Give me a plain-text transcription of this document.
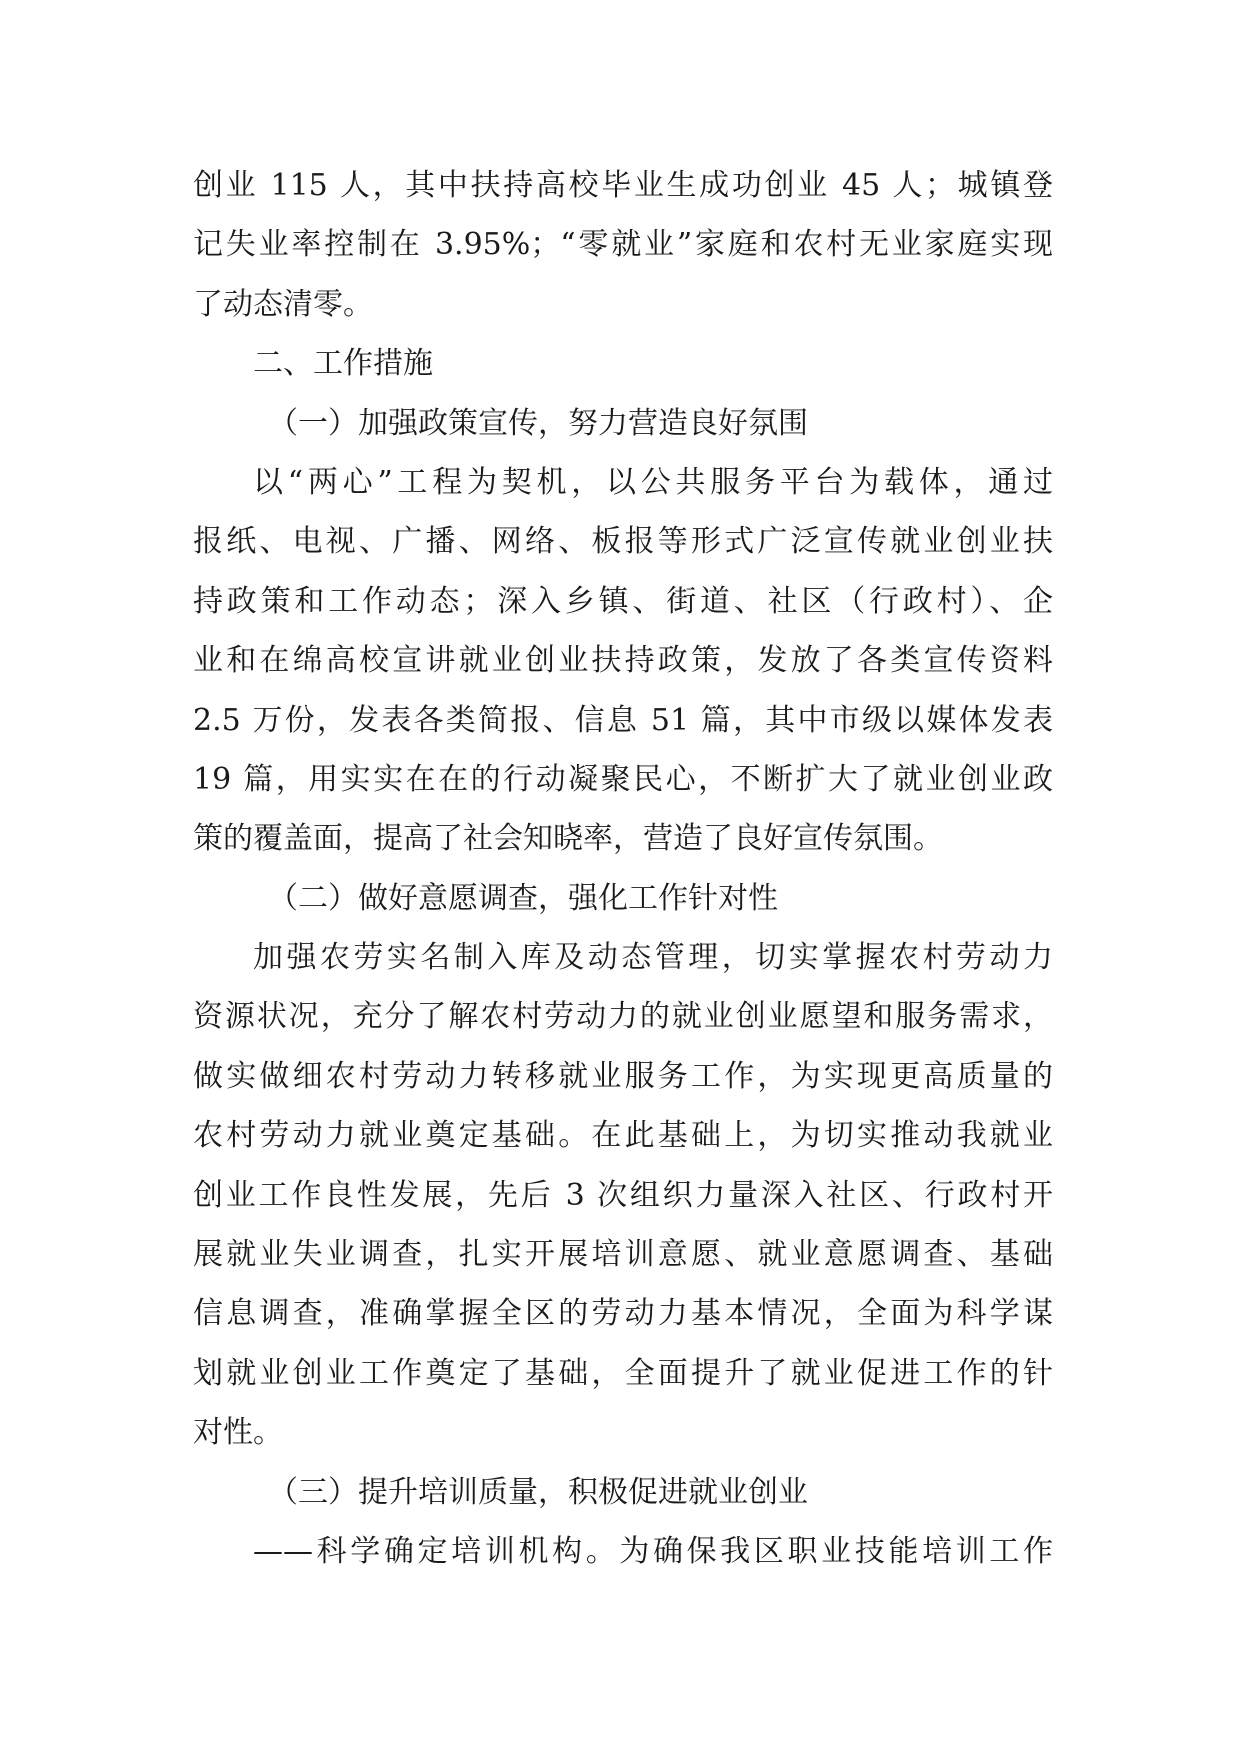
创业 115 人，其中扶持高校毕业生成功创业 45 人；城镇登
记失业率控制在 3.95%；“零就业”家庭和农村无业家庭实现
了动态清零。
二、工作措施
（一）加强政策宣传，努力营造良好氛围
以“两心”工程为契机，以公共服务平台为载体，通过
报纸、电视、广播、网络、板报等形式广泛宣传就业创业扶
持政策和工作动态；深入乡镇、街道、社区（行政村）、企
业和在绵高校宣讲就业创业扶持政策，发放了各类宣传资料
2.5 万份，发表各类简报、信息 51 篇，其中市级以媒体发表
19 篇，用实实在在的行动凝聚民心，不断扩大了就业创业政
策的覆盖面，提高了社会知晓率，营造了良好宣传氛围。
（二）做好意愿调查，强化工作针对性
加强农劳实名制入库及动态管理，切实掌握农村劳动力
资源状况，充分了解农村劳动力的就业创业愿望和服务需求，
做实做细农村劳动力转移就业服务工作，为实现更高质量的
农村劳动力就业奠定基础。在此基础上，为切实推动我就业
创业工作良性发展，先后 3 次组织力量深入社区、行政村开
展就业失业调查，扎实开展培训意愿、就业意愿调查、基础
信息调查，准确掌握全区的劳动力基本情况，全面为科学谋
划就业创业工作奠定了基础，全面提升了就业促进工作的针
对性。
（三）提升培训质量，积极促进就业创业
——科学确定培训机构。为确保我区职业技能培训工作
